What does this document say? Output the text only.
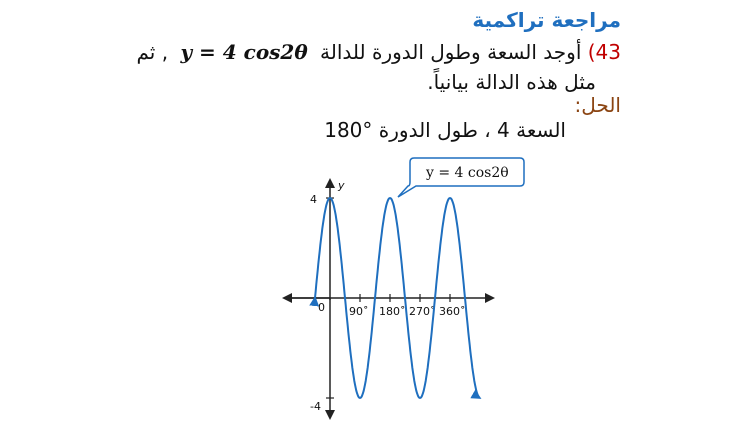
مراجعة تراكمية
43) أوجد السعة وطول الدورة للدالة y = 4 cos2θ , ثم
مثل هذه الدالة بيانياً.
الحل:
السعة 4 ، طول الدورة °180
y
0
4
-4
90˚ 180˚ 270˚ 360˚
y = 4 cos2θ
